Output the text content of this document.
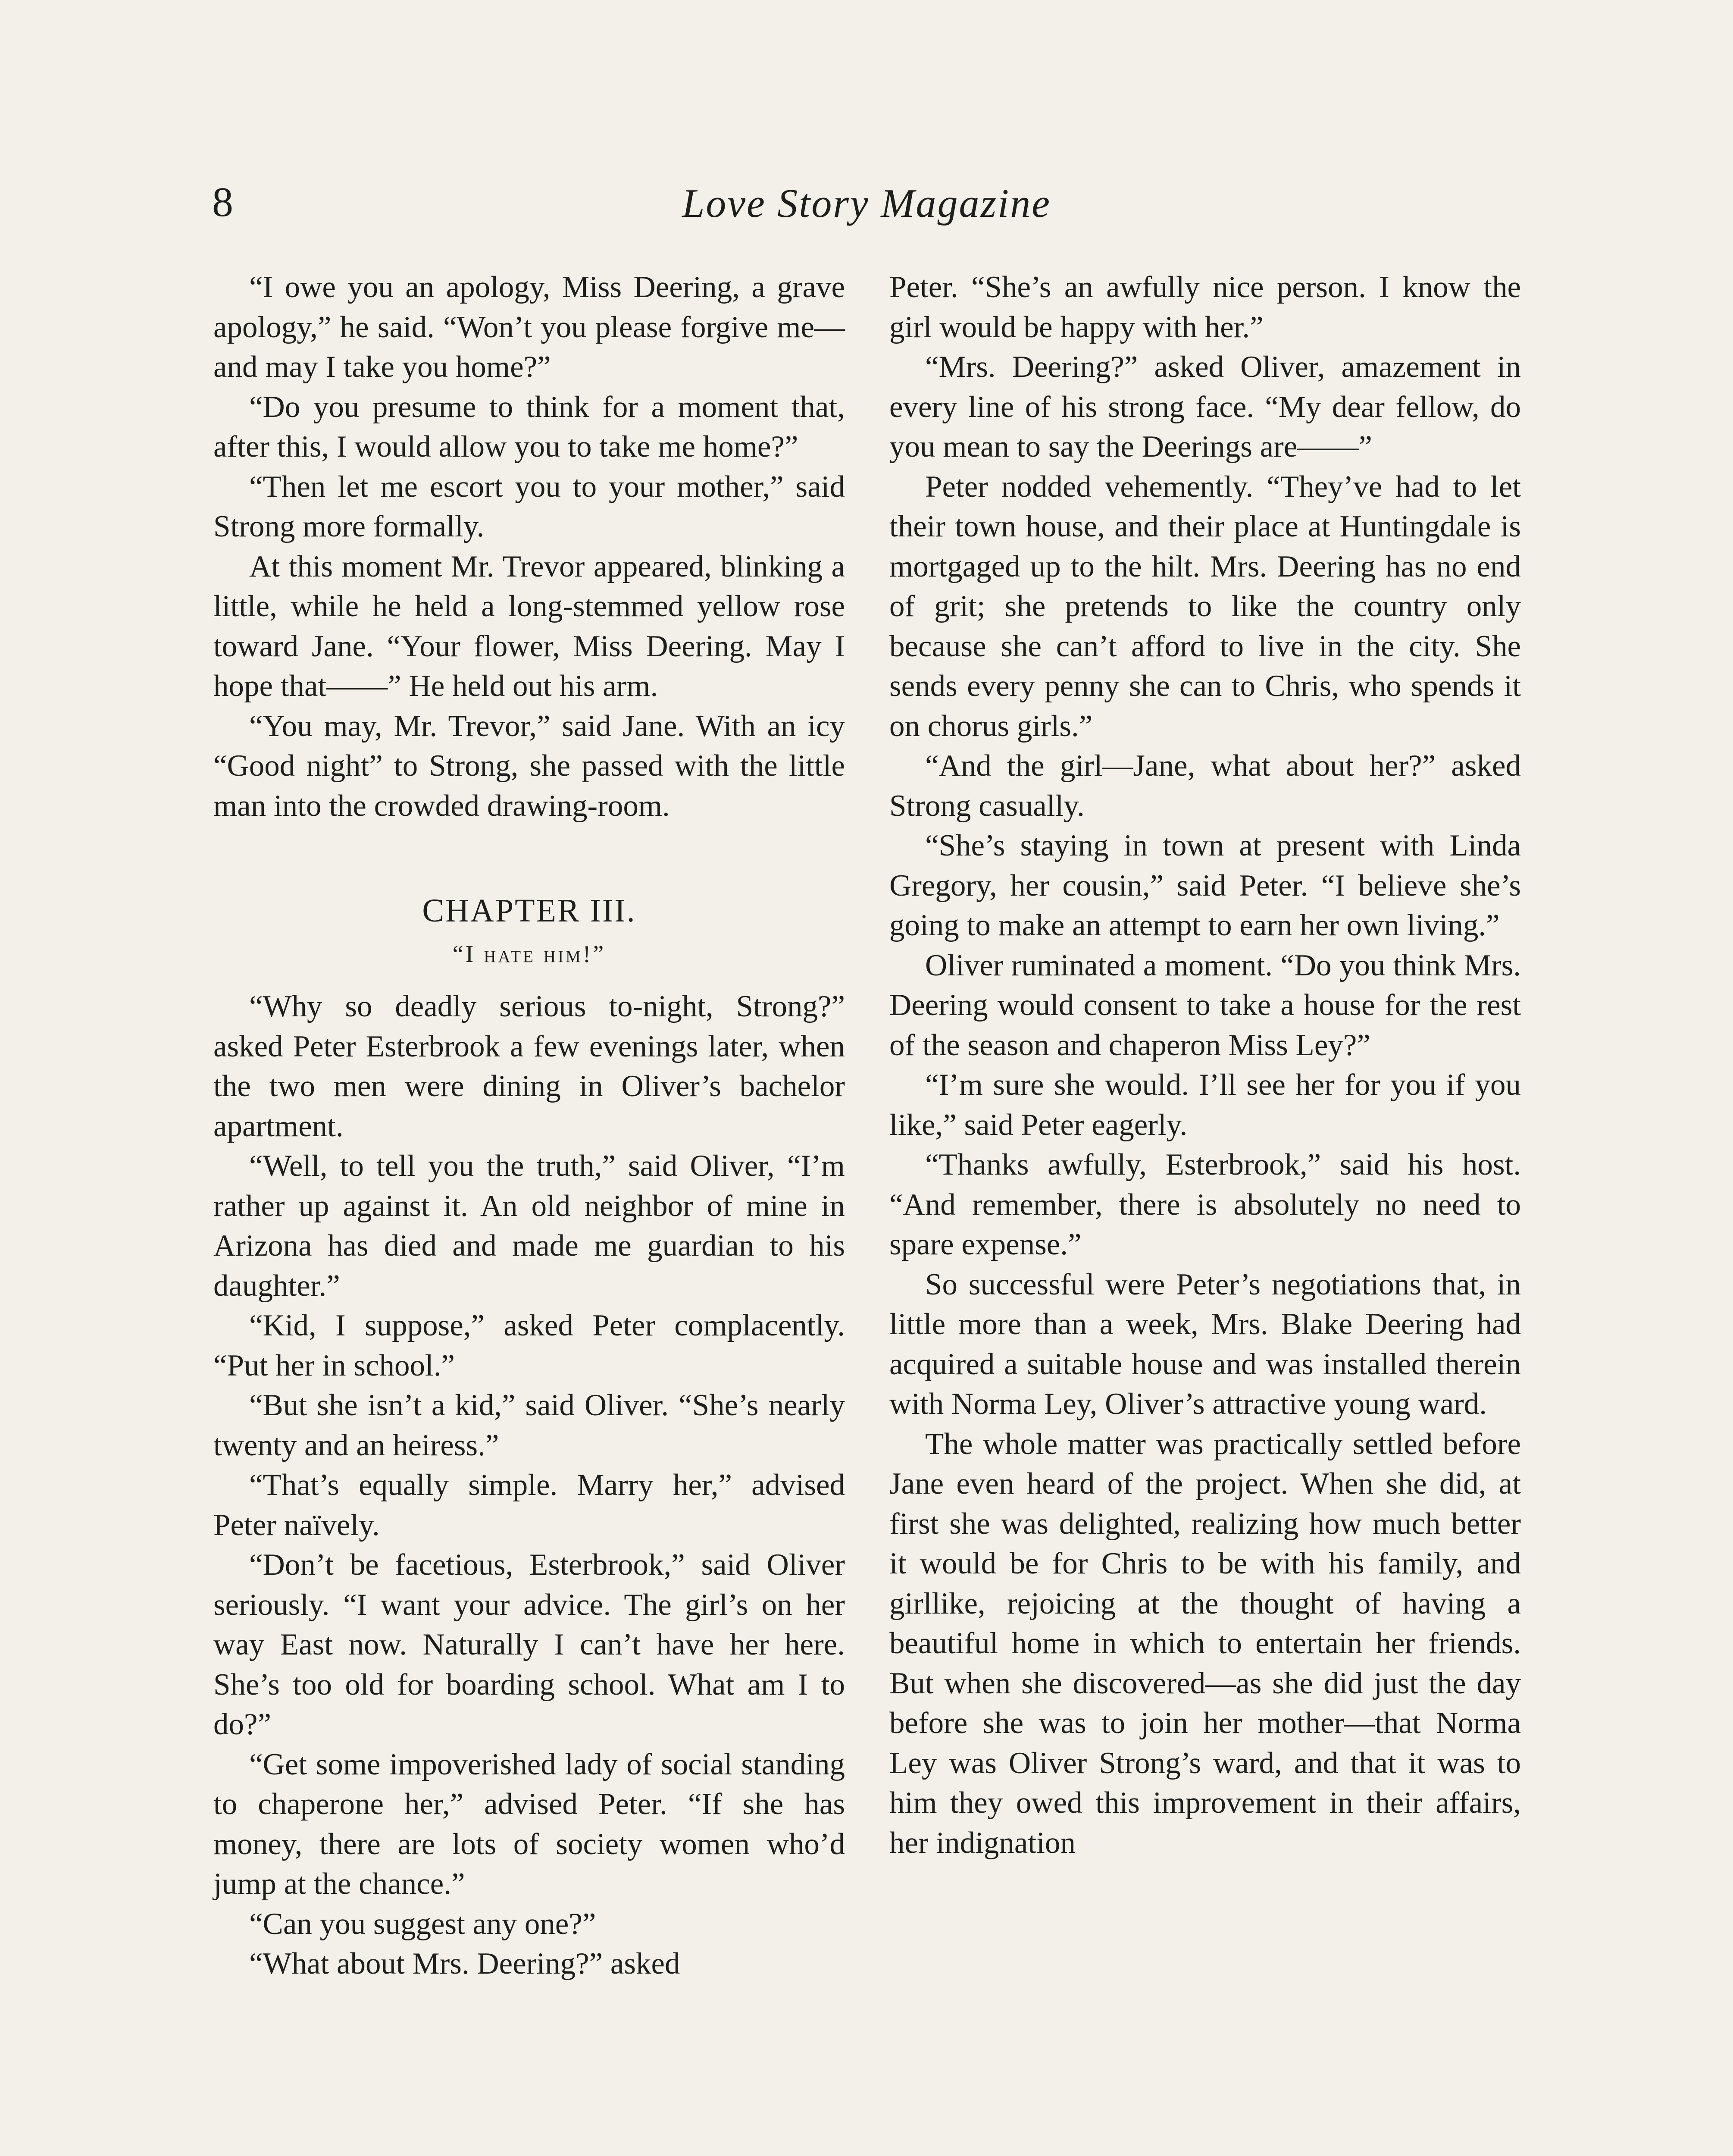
8	Love Story Magazine

“I owe you an apology, Miss Deering, a grave apology,” he said. “Won’t you please forgive me—and may I take you home?”

“Do you presume to think for a moment that, after this, I would allow you to take me home?”

“Then let me escort you to your mother,” said Strong more formally.

At this moment Mr. Trevor appeared, blinking a little, while he held a long-stemmed yellow rose toward Jane. “Your flower, Miss Deering. May I hope that——” He held out his arm.

“You may, Mr. Trevor,” said Jane. With an icy “Good night” to Strong, she passed with the little man into the crowded drawing-room.

CHAPTER III.
“I hate him!”

“Why so deadly serious to-night, Strong?” asked Peter Esterbrook a few evenings later, when the two men were dining in Oliver’s bachelor apartment.

“Well, to tell you the truth,” said Oliver, “I’m rather up against it. An old neighbor of mine in Arizona has died and made me guardian to his daughter.”

“Kid, I suppose,” asked Peter complacently. “Put her in school.”

“But she isn’t a kid,” said Oliver. “She’s nearly twenty and an heiress.”

“That’s equally simple. Marry her,” advised Peter naïvely.

“Don’t be facetious, Esterbrook,” said Oliver seriously. “I want your advice. The girl’s on her way East now. Naturally I can’t have her here. She’s too old for boarding school. What am I to do?”

“Get some impoverished lady of social standing to chaperone her,” advised Peter. “If she has money, there are lots of society women who’d jump at the chance.”

“Can you suggest any one?”

“What about Mrs. Deering?” asked

Peter. “She’s an awfully nice person. I know the girl would be happy with her.”

“Mrs. Deering?” asked Oliver, amazement in every line of his strong face. “My dear fellow, do you mean to say the Deerings are——”

Peter nodded vehemently. “They’ve had to let their town house, and their place at Huntingdale is mortgaged up to the hilt. Mrs. Deering has no end of grit; she pretends to like the country only because she can’t afford to live in the city. She sends every penny she can to Chris, who spends it on chorus girls.”

“And the girl—Jane, what about her?” asked Strong casually.

“She’s staying in town at present with Linda Gregory, her cousin,” said Peter. “I believe she’s going to make an attempt to earn her own living.”

Oliver ruminated a moment. “Do you think Mrs. Deering would consent to take a house for the rest of the season and chaperon Miss Ley?”

“I’m sure she would. I’ll see her for you if you like,” said Peter eagerly.

“Thanks awfully, Esterbrook,” said his host. “And remember, there is absolutely no need to spare expense.”

So successful were Peter’s negotiations that, in little more than a week, Mrs. Blake Deering had acquired a suitable house and was installed therein with Norma Ley, Oliver’s attractive young ward.

The whole matter was practically settled before Jane even heard of the project. When she did, at first she was delighted, realizing how much better it would be for Chris to be with his family, and girllike, rejoicing at the thought of having a beautiful home in which to entertain her friends. But when she discovered—as she did just the day before she was to join her mother—that Norma Ley was Oliver Strong’s ward, and that it was to him they owed this improvement in their affairs, her indignation
